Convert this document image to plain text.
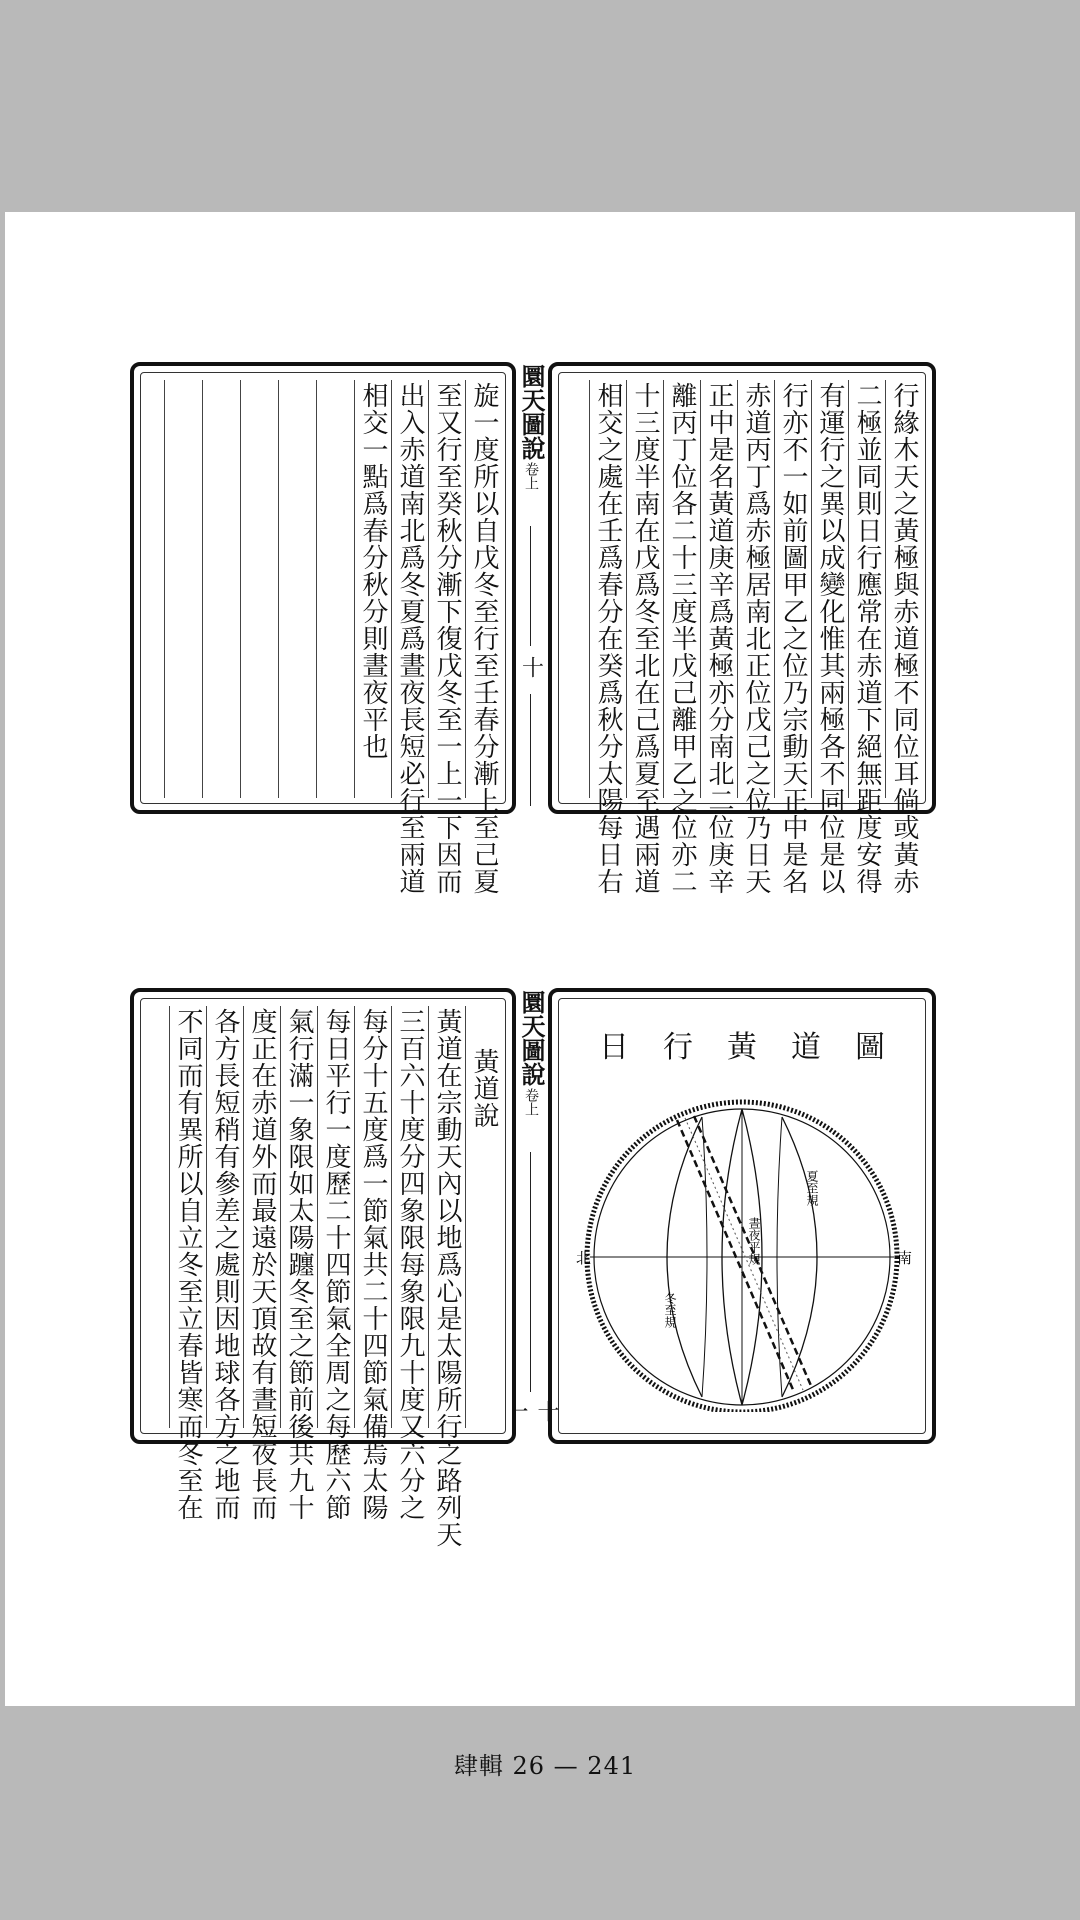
行緣木天之黃極與赤道極不同位耳倘或黃赤
二極並同則日行應常在赤道下絕無距度安得
有運行之異以成變化惟其兩極各不同位是以
行亦不一如前圖甲乙之位乃宗動天正中是名
赤道丙丁爲赤極居南北正位戊己之位乃日天
正中是名黃道庚辛爲黃極亦分南北二位庚辛
離丙丁位各二十三度半戊己離甲乙之位亦二
十三度半南在戊爲冬至北在己爲夏至遇兩道
相交之處在壬爲春分在癸爲秋分太陽每日右
圜天圖說
卷上
十
旋一度所以自戊冬至行至壬春分漸上至己夏
至又行至癸秋分漸下復戊冬至一上一下因而
出入赤道南北爲冬夏爲晝夜長短必行至兩道
相交一點爲春分秋分則晝夜平也
日行黃道圖
北	南
夏至規
晝夜平規
冬至規
圜天圖說
卷上
十
黃道說
黃道在宗動天內以地爲心是太陽所行之路列天
三百六十度分四象限每象限九十度又六分之
每分十五度爲一節氣共二十四節氣備焉太陽
每日平行一度歷二十四節氣全周之每歷六節
氣行滿一象限如太陽躔冬至之節前後共九十
度正在赤道外而最遠於天頂故有晝短夜長而
各方長短稍有參差之處則因地球各方之地而
不同而有異所以自立冬至立春皆寒而冬至在
肆輯 26 — 241
